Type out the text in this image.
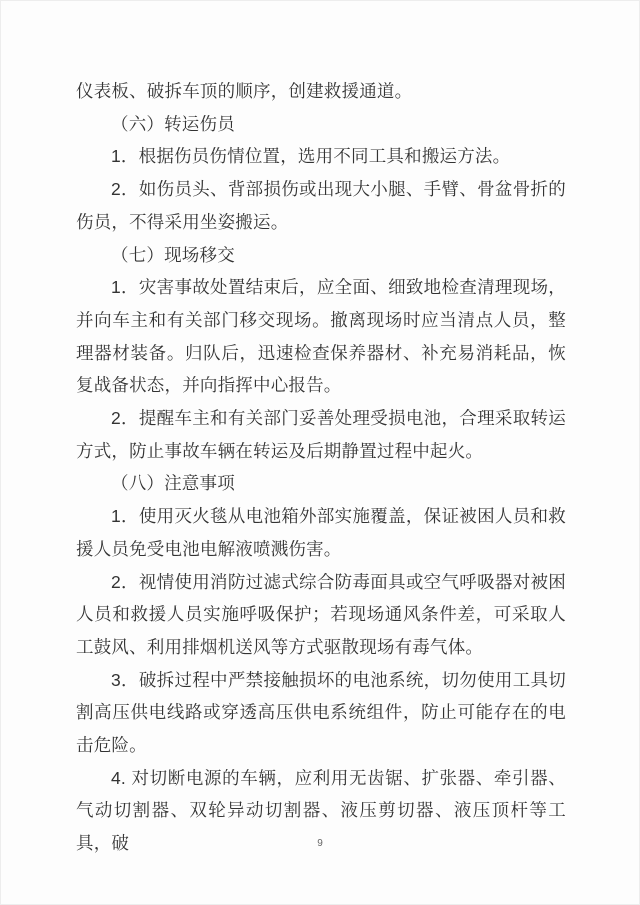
仪表板、破拆车顶的顺序，创建救援通道。

（六）转运伤员

1．根据伤员伤情位置，选用不同工具和搬运方法。

2．如伤员头、背部损伤或出现大小腿、手臂、骨盆骨折的伤员，不得采用坐姿搬运。

（七）现场移交

1．灾害事故处置结束后，应全面、细致地检查清理现场，并向车主和有关部门移交现场。撤离现场时应当清点人员，整理器材装备。归队后，迅速检查保养器材、补充易消耗品，恢复战备状态，并向指挥中心报告。

2．提醒车主和有关部门妥善处理受损电池，合理采取转运方式，防止事故车辆在转运及后期静置过程中起火。

（八）注意事项

1．使用灭火毯从电池箱外部实施覆盖，保证被困人员和救援人员免受电池电解液喷溅伤害。

2．视情使用消防过滤式综合防毒面具或空气呼吸器对被困人员和救援人员实施呼吸保护；若现场通风条件差，可采取人工鼓风、利用排烟机送风等方式驱散现场有毒气体。

3．破拆过程中严禁接触损坏的电池系统，切勿使用工具切割高压供电线路或穿透高压供电系统组件，防止可能存在的电击危险。

4. 对切断电源的车辆，应利用无齿锯、扩张器、牵引器、气动切割器、双轮异动切割器、液压剪切器、液压顶杆等工具，破	9
